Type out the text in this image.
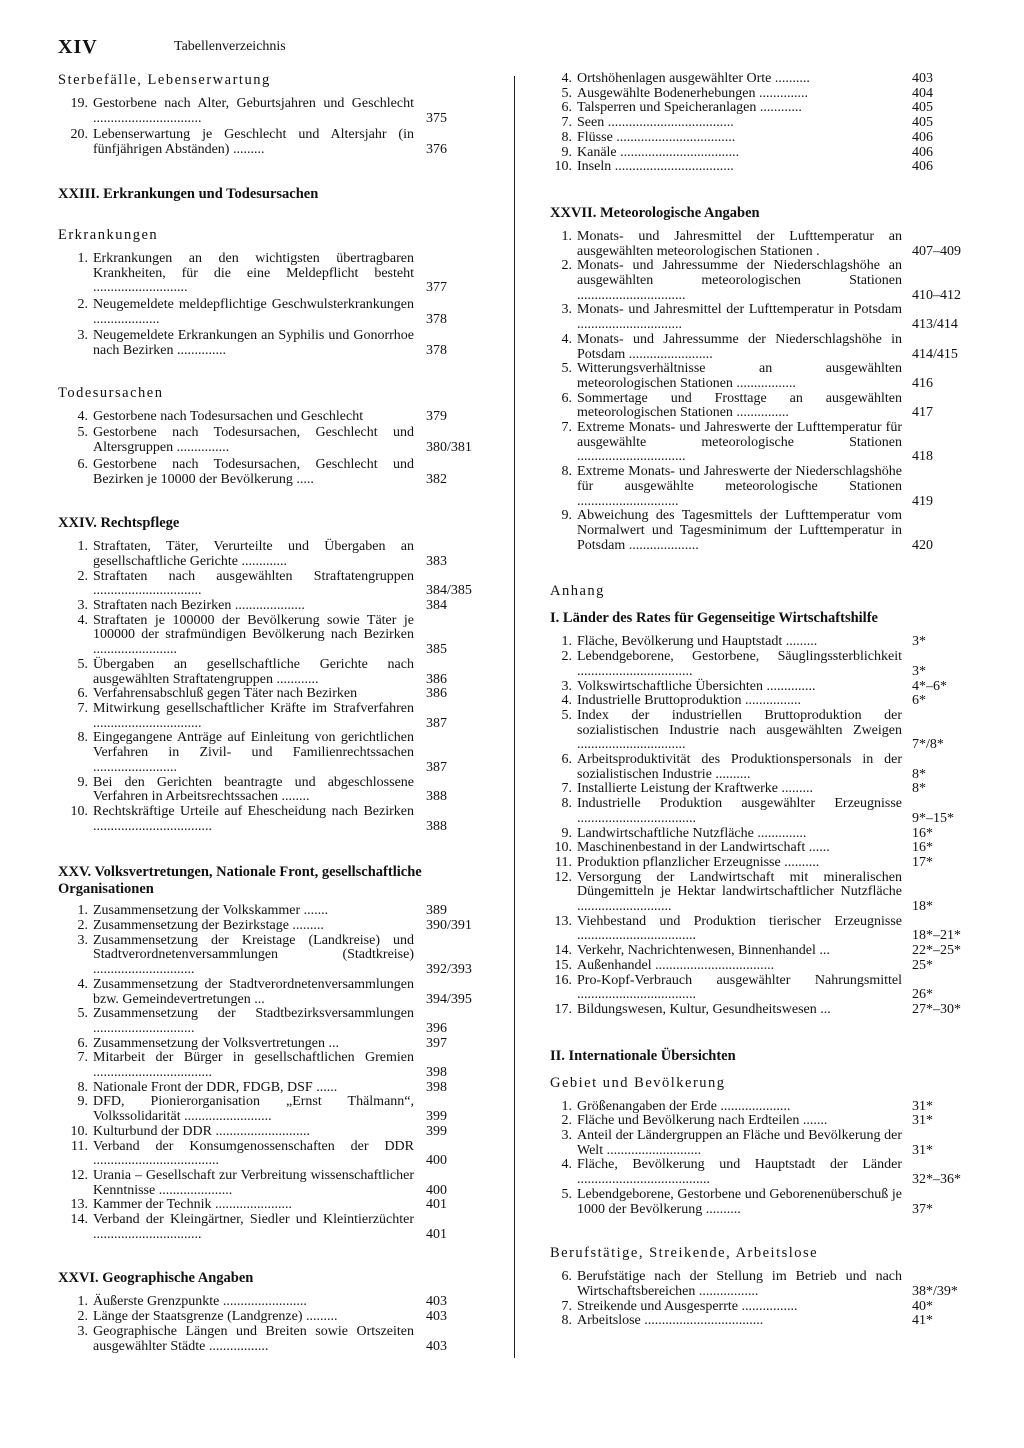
XIV	Tabellenverzeichnis
Sterbefälle, Lebenserwartung
19. Gestorbene nach Alter, Geburtsjahren und Geschlecht ...............................	375
20. Lebenserwartung je Geschlecht und Altersjahr (in fünfjährigen Abständen) .........	376
XXIII. Erkrankungen und Todesursachen
Erkrankungen
1. Erkrankungen an den wichtigsten übertragbaren Krankheiten, für die eine Meldepflicht besteht ...........................	377
2. Neugemeldete meldepflichtige Geschwulsterkrankungen ...................	378
3. Neugemeldete Erkrankungen an Syphilis und Gonorrhoe nach Bezirken ..............	378
Todesursachen
4. Gestorbene nach Todesursachen und Geschlecht	379
5. Gestorbene nach Todesursachen, Geschlecht und Altersgruppen ...............	380/381
6. Gestorbene nach Todesursachen, Geschlecht und Bezirken je 10000 der Bevölkerung .....	382
XXIV. Rechtspflege
1. Straftaten, Täter, Verurteilte und Übergaben an gesellschaftliche Gerichte .............	383
2. Straftaten nach ausgewählten Straftatengruppen ...............................	384/385
3. Straftaten nach Bezirken ....................	384
4. Straftaten je 100000 der Bevölkerung sowie Täter je 100000 der strafmündigen Bevölkerung nach Bezirken ........................	385
5. Übergaben an gesellschaftliche Gerichte nach ausgewählten Straftatengruppen ............	386
6. Verfahrensabschluß gegen Täter nach Bezirken	386
7. Mitwirkung gesellschaftlicher Kräfte im Strafverfahren ...............................	387
8. Eingegangene Anträge auf Einleitung von gerichtlichen Verfahren in Zivil- und Familienrechtssachen ........................	387
9. Bei den Gerichten beantragte und abgeschlossene Verfahren in Arbeitsrechtssachen ........	388
10. Rechtskräftige Urteile auf Ehescheidung nach Bezirken ..................................	388
XXV. Volksvertretungen, Nationale Front, gesellschaftliche Organisationen
1. Zusammensetzung der Volkskammer .......	389
2. Zusammensetzung der Bezirkstage .........	390/391
3. Zusammensetzung der Kreistage (Landkreise) und Stadtverordnetenversammlungen (Stadtkreise) .............................	392/393
4. Zusammensetzung der Stadtverordnetenversammlungen bzw. Gemeindevertretungen ...	394/395
5. Zusammensetzung der Stadtbezirksversammlungen .............................	396
6. Zusammensetzung der Volksvertretungen ...	397
7. Mitarbeit der Bürger in gesellschaftlichen Gremien ..................................	398
8. Nationale Front der DDR, FDGB, DSF ......	398
9. DFD, Pionierorganisation „Ernst Thälmann“, Volkssolidarität .........................	399
10. Kulturbund der DDR ...........................	399
11. Verband der Konsumgenossenschaften der DDR ....................................	400
12. Urania – Gesellschaft zur Verbreitung wissenschaftlicher Kenntnisse .....................	400
13. Kammer der Technik ......................	401
14. Verband der Kleingärtner, Siedler und Kleintierzüchter ...............................	401
XXVI. Geographische Angaben
1. Äußerste Grenzpunkte ........................	403
2. Länge der Staatsgrenze (Landgrenze) .........	403
3. Geographische Längen und Breiten sowie Ortszeiten ausgewählter Städte .................	403
4. Ortshöhenlagen ausgewählter Orte ..........	403
5. Ausgewählte Bodenerhebungen ..............	404
6. Talsperren und Speicheranlagen ............	405
7. Seen ....................................	405
8. Flüsse ..................................	406
9. Kanäle ..................................	406
10. Inseln ..................................	406
XXVII. Meteorologische Angaben
1. Monats- und Jahresmittel der Lufttemperatur an ausgewählten meteorologischen Stationen .	407–409
2. Monats- und Jahressumme der Niederschlagshöhe an ausgewählten meteorologischen Stationen ...............................	410–412
3. Monats- und Jahresmittel der Lufttemperatur in Potsdam ..............................	413/414
4. Monats- und Jahressumme der Niederschlagshöhe in Potsdam ........................	414/415
5. Witterungsverhältnisse an ausgewählten meteorologischen Stationen .................	416
6. Sommertage und Frosttage an ausgewählten meteorologischen Stationen ...............	417
7. Extreme Monats- und Jahreswerte der Lufttemperatur für ausgewählte meteorologische Stationen ...............................	418
8. Extreme Monats- und Jahreswerte der Niederschlagshöhe für ausgewählte meteorologische Stationen .............................	419
9. Abweichung des Tagesmittels der Lufttemperatur vom Normalwert und Tagesminimum der Lufttemperatur in Potsdam ....................	420
Anhang
I. Länder des Rates für Gegenseitige Wirtschaftshilfe
1. Fläche, Bevölkerung und Hauptstadt .........	3*
2. Lebendgeborene, Gestorbene, Säuglingssterblichkeit .................................	3*
3. Volkswirtschaftliche Übersichten ..............	4*–6*
4. Industrielle Bruttoproduktion ................	6*
5. Index der industriellen Bruttoproduktion der sozialistischen Industrie nach ausgewählten Zweigen ...............................	7*/8*
6. Arbeitsproduktivität des Produktionspersonals in der sozialistischen Industrie ..........	8*
7. Installierte Leistung der Kraftwerke .........	8*
8. Industrielle Produktion ausgewählter Erzeugnisse ..................................	9*–15*
9. Landwirtschaftliche Nutzfläche ..............	16*
10. Maschinenbestand in der Landwirtschaft ......	16*
11. Produktion pflanzlicher Erzeugnisse ..........	17*
12. Versorgung der Landwirtschaft mit mineralischen Düngemitteln je Hektar landwirtschaftlicher Nutzfläche ...........................	18*
13. Viehbestand und Produktion tierischer Erzeugnisse ..................................	18*–21*
14. Verkehr, Nachrichtenwesen, Binnenhandel ...	22*–25*
15. Außenhandel ..................................	25*
16. Pro-Kopf-Verbrauch ausgewählter Nahrungsmittel ..................................	26*
17. Bildungswesen, Kultur, Gesundheitswesen ...	27*–30*
II. Internationale Übersichten
Gebiet und Bevölkerung
1. Größenangaben der Erde ....................	31*
2. Fläche und Bevölkerung nach Erdteilen .......	31*
3. Anteil der Ländergruppen an Fläche und Bevölkerung der Welt ...........................	31*
4. Fläche, Bevölkerung und Hauptstadt der Länder ......................................	32*–36*
5. Lebendgeborene, Gestorbene und Geborenenüberschuß je 1000 der Bevölkerung ..........	37*
Berufstätige, Streikende, Arbeitslose
6. Berufstätige nach der Stellung im Betrieb und nach Wirtschaftsbereichen .................	38*/39*
7. Streikende und Ausgesperrte ................	40*
8. Arbeitslose ..................................	41*
